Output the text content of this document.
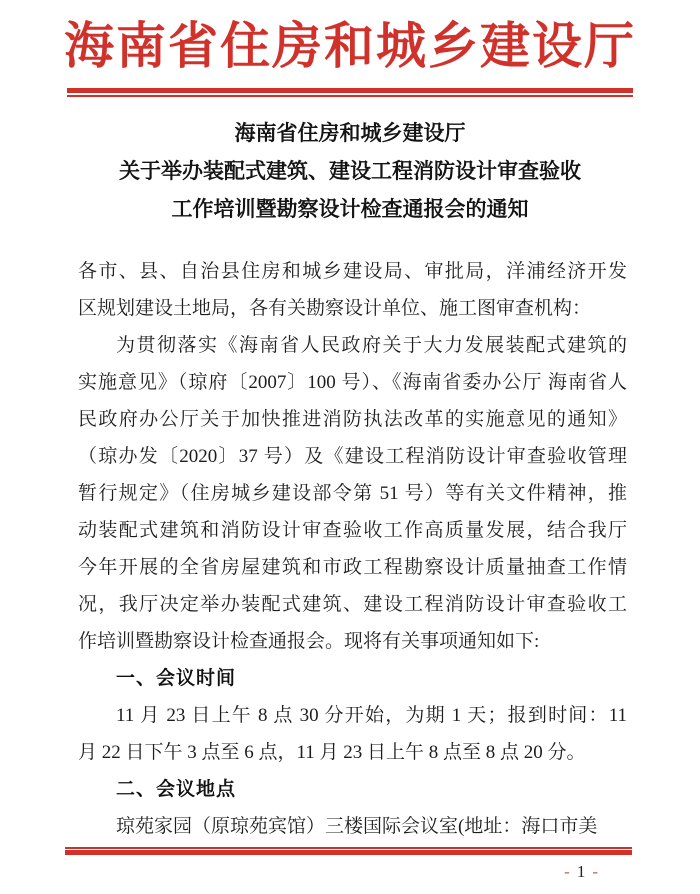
海南省住房和城乡建设厅
海南省住房和城乡建设厅
关于举办装配式建筑、建设工程消防设计审查验收
工作培训暨勘察设计检查通报会的通知
各市、县、自治县住房和城乡建设局、审批局，洋浦经济开发
区规划建设土地局，各有关勘察设计单位、施工图审查机构：
为贯彻落实《海南省人民政府关于大力发展装配式建筑的
实施意见》（琼府〔2007〕100 号）、《海南省委办公厅 海南省人
民政府办公厅关于加快推进消防执法改革的实施意见的通知》
（琼办发〔2020〕37 号）及《建设工程消防设计审查验收管理
暂行规定》（住房城乡建设部令第 51 号）等有关文件精神，推
动装配式建筑和消防设计审查验收工作高质量发展，结合我厅
今年开展的全省房屋建筑和市政工程勘察设计质量抽查工作情
况，我厅决定举办装配式建筑、建设工程消防设计审查验收工
作培训暨勘察设计检查通报会。现将有关事项通知如下:
一、会议时间
11 月 23 日上午 8 点 30 分开始，为期 1 天；报到时间：11
月 22 日下午 3 点至 6 点，11 月 23 日上午 8 点至 8 点 20 分。
二、会议地点
琼苑家园（原琼苑宾馆）三楼国际会议室(地址：海口市美
- 1 -
